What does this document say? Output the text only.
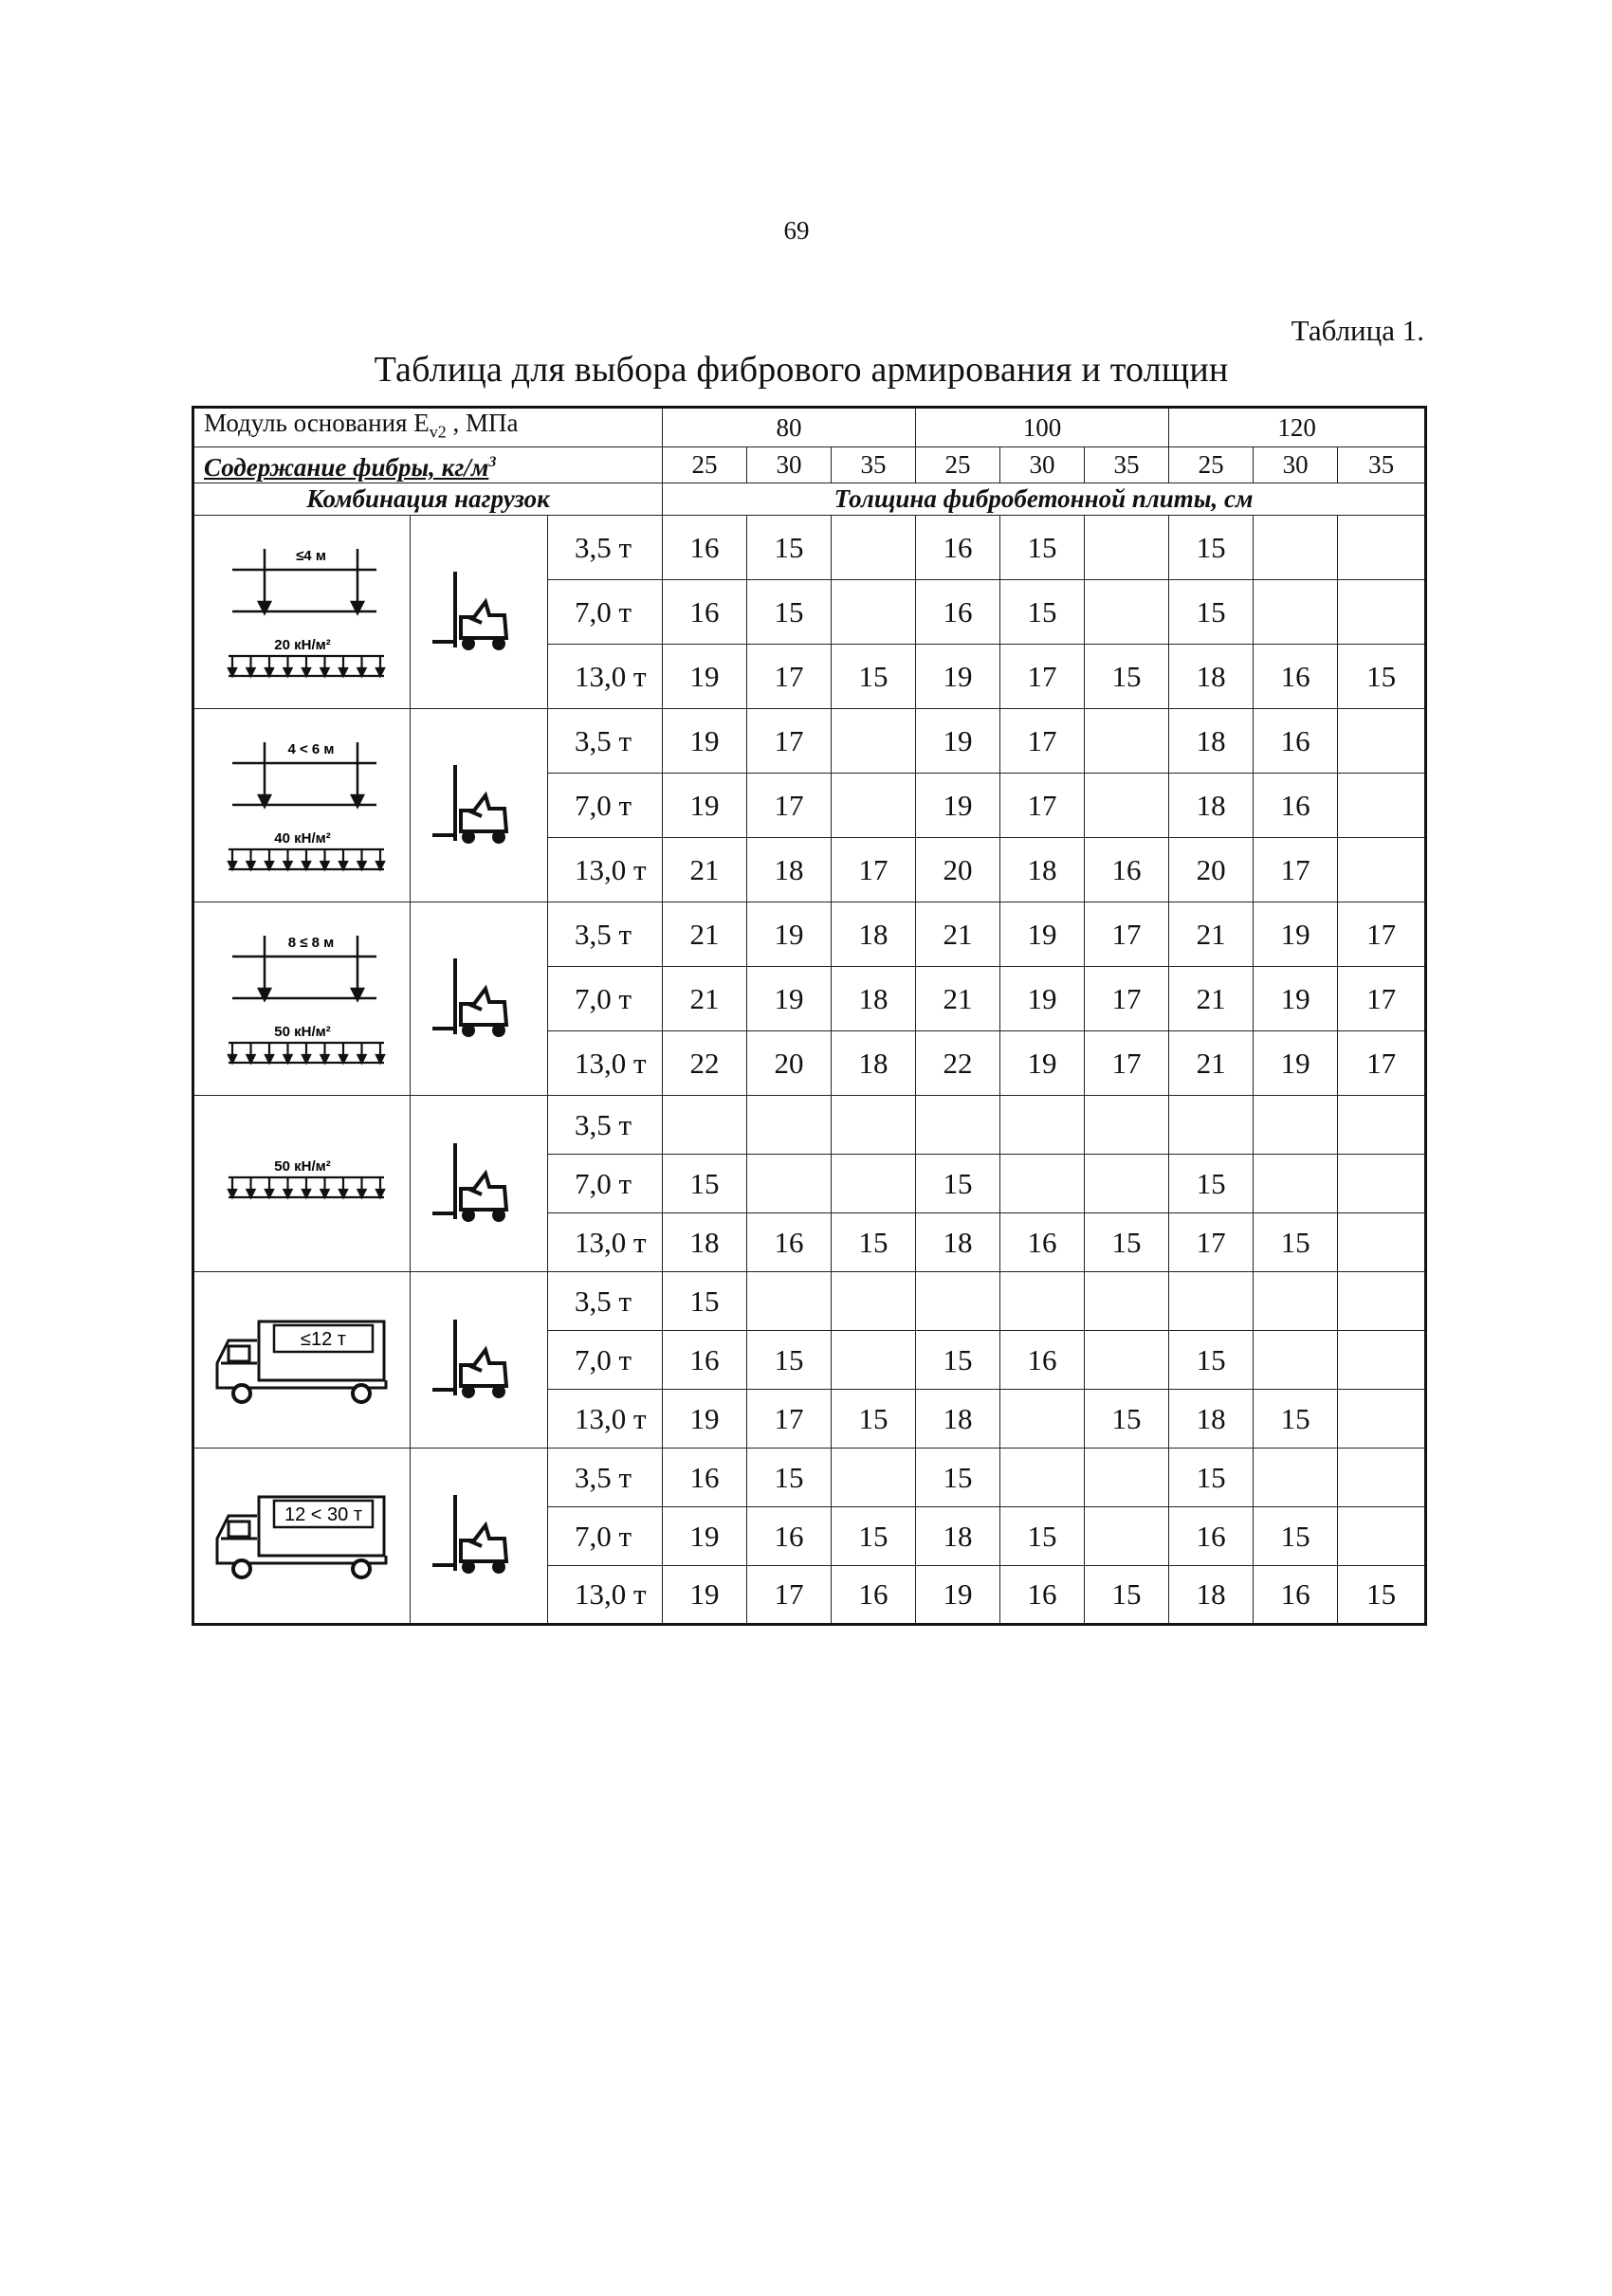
69
Таблица 1.
Таблица для выбора фибрового армирования и толщин
Модуль основания $E_{v2}$ , МПа			80			100			120		
Содержание фибры, $кг/м^3$			25	30	35	25	30	35	25	30	35
Комбинация нагрузок			Толщина фибробетонной плиты, см								

≤4 м
20 кН/м²		3,5 т	16	15		16	15		15		
		7,0 т	16	15		16	15		15		
		13,0 т	19	17	15	19	17	15	18	16	15

4 < 6 м
40 кН/м²		3,5 т	19	17		19	17		18	16	
		7,0 т	19	17		19	17		18	16	
		13,0 т	21	18	17	20	18	16	20	17	

8 ≤ 8 м
50 кН/м²		3,5 т	21	19	18	21	19	17	21	19	17
		7,0 т	21	19	18	21	19	17	21	19	17
		13,0 т	22	20	18	22	19	17	21	19	17

50 кН/м²		3,5 т									
		7,0 т	15			15			15		
		13,0 т	18	16	15	18	16	15	17	15	

≤12 т		3,5 т	15								
		7,0 т	16	15		15	16		15		
		13,0 т	19	17	15	18		15	18	15	

12 < 30 т		3,5 т	16	15		15			15		
		7,0 т	19	16	15	18	15		16	15	
		13,0 т	19	17	16	19	16	15	18	16	15
